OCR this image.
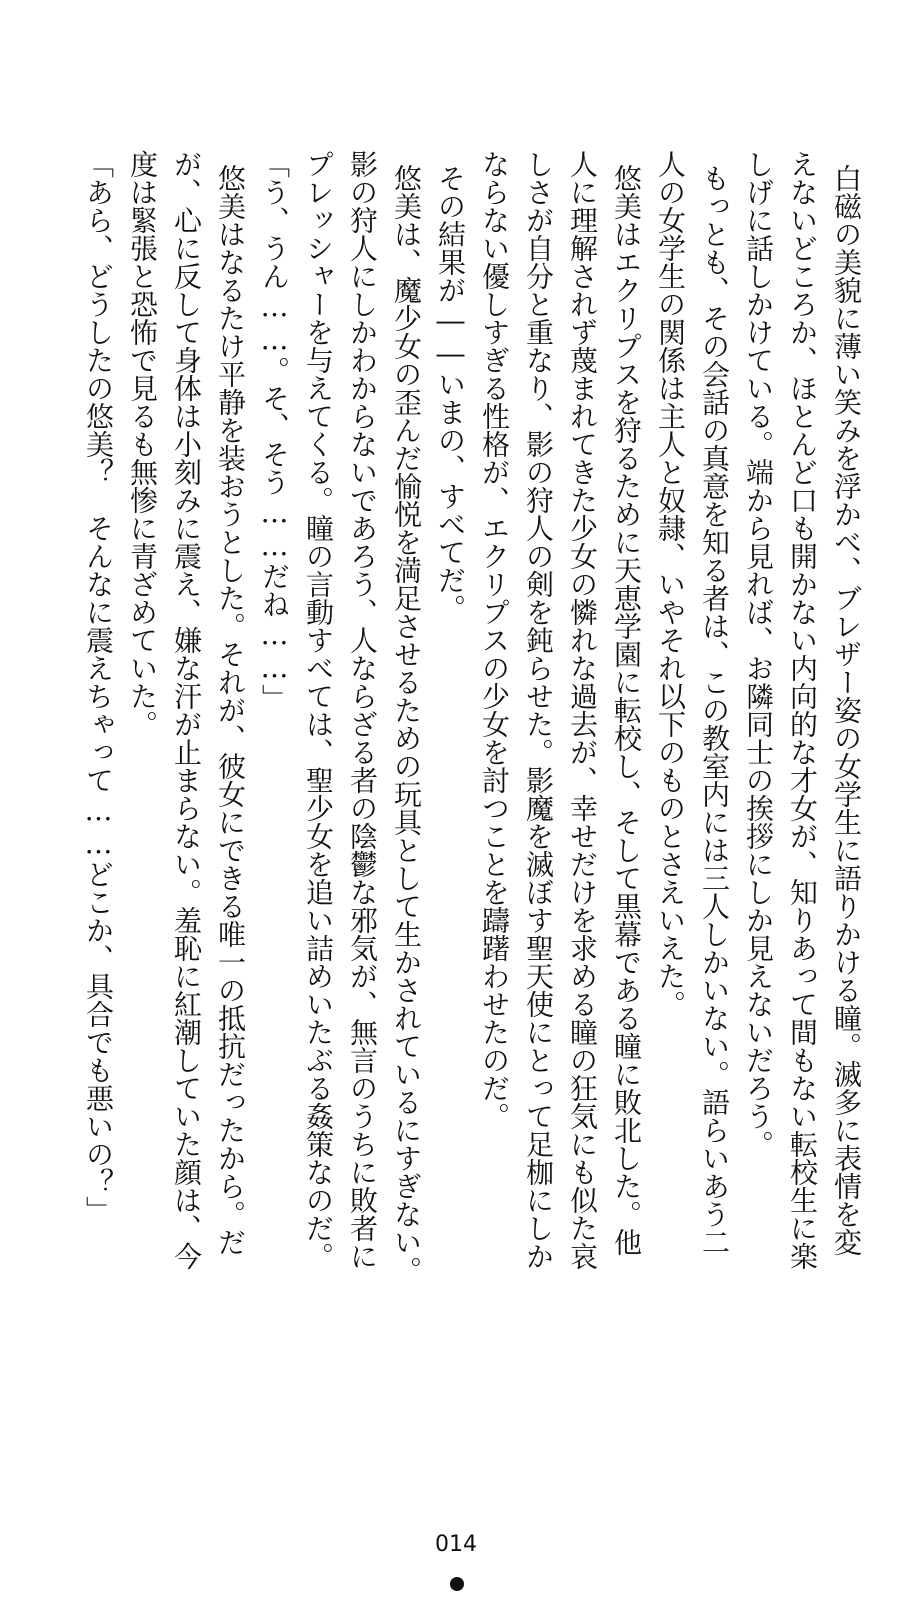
白磁の美貌に薄い笑みを浮かべ、ブレザー姿の女学生に語りかける瞳。滅多に表情を変
えないどころか、ほとんど口も開かない内向的な才女が、知りあって間もない転校生に楽
しげに話しかけている。端から見れば、お隣同士の挨拶にしか見えないだろう。
もっとも、その会話の真意を知る者は、この教室内には三人しかいない。語らいあう二
人の女学生の関係は主人と奴隷、いやそれ以下のものとさえいえた。
悠美はエクリプスを狩るために天恵学園に転校し、そして黒幕である瞳に敗北した。他
人に理解されず蔑まれてきた少女の憐れな過去が、幸せだけを求める瞳の狂気にも似た哀
しさが自分と重なり、影の狩人の剣を鈍らせた。影魔を滅ぼす聖天使にとって足枷にしか
ならない優しすぎる性格が、エクリプスの少女を討つことを躊躇わせたのだ。
その結果が――いまの、すべてだ。
悠美は、魔少女の歪んだ愉悦を満足させるための玩具として生かされているにすぎない。
影の狩人にしかわからないであろう、人ならざる者の陰鬱な邪気が、無言のうちに敗者に
プレッシャーを与えてくる。瞳の言動すべては、聖少女を追い詰めいたぶる姦策なのだ。
「う、うん……。そ、そう……だね……」
悠美はなるたけ平静を装おうとした。それが、彼女にできる唯一の抵抗だったから。だ
が、心に反して身体は小刻みに震え、嫌な汗が止まらない。羞恥に紅潮していた顔は、今
度は緊張と恐怖で見るも無惨に青ざめていた。
「あら、どうしたの悠美？　そんなに震えちゃって……どこか、具合でも悪いの？」
014
